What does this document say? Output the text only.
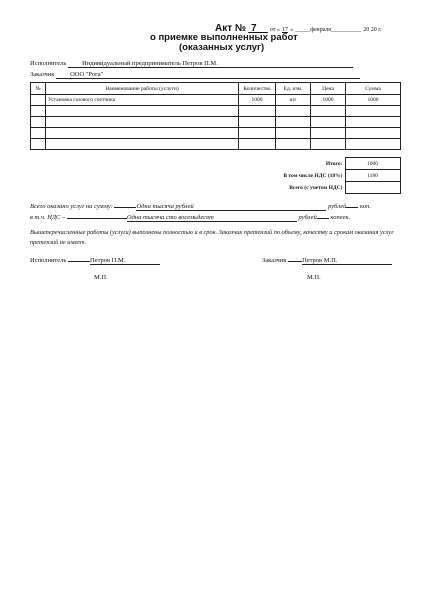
Акт № 7__ от « 17 » _____февраля__________ 20 20 г.
о приемке выполненных работ
(оказанных услуг)
Исполнитель Индивидуальный предприниматель Петров П.М.
Заказчик ООО "Рога"
№	Наименование работы (услуги)	Количество	Ед. изм.	Цена	Сумма
	Установка газового счетчика	1000	шт	1000	1000

Итого:	1000
В том числе НДС (18%)	1180
Всего (с учетом НДС)	
Всего оказано услуг на сумму:	Одна тысяча рублей	рублей коп.
в т.ч. НДС –	Одна тысяча сто восемьдесят	рублей копеек.
Вышеперечисленные работы (услуги) выполнены полностью и в срок. Заказчик претензий по объему, качеству и срокам оказания услуг претензий не имеет.
Исполнитель	Петров П.М.	Заказчик Петров М.П.
М.П.	М.П.
